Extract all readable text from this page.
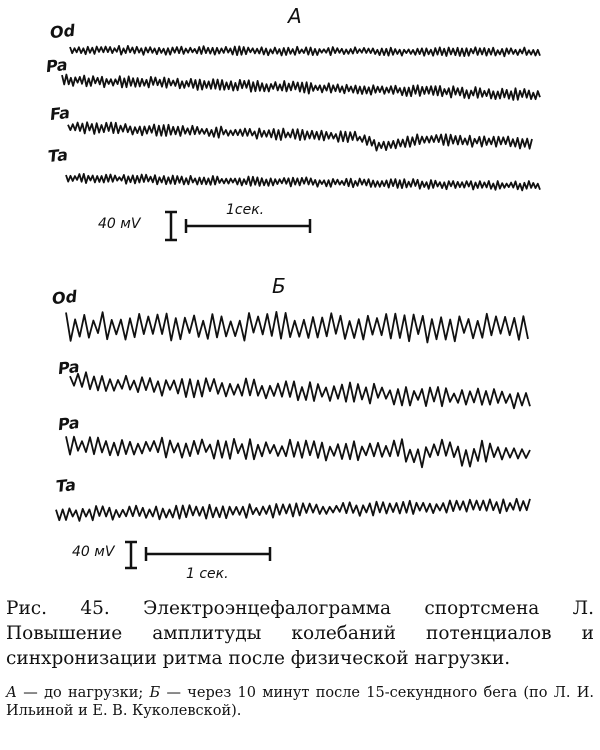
А
Od
Pa
Fa
Ta
40 мV
1сек.
Б
Od
Pa
Pa
Ta
40 мV
1 сек.
Рис. 45. Электроэнцефалограмма спортсмена Л. Повышение амплитуды колебаний потенциалов и синхронизации ритма после физической нагрузки.
А — до нагрузки; Б — через 10 минут после 15-секундного бега (по Л. И. Ильиной и Е. В. Куколевской).
